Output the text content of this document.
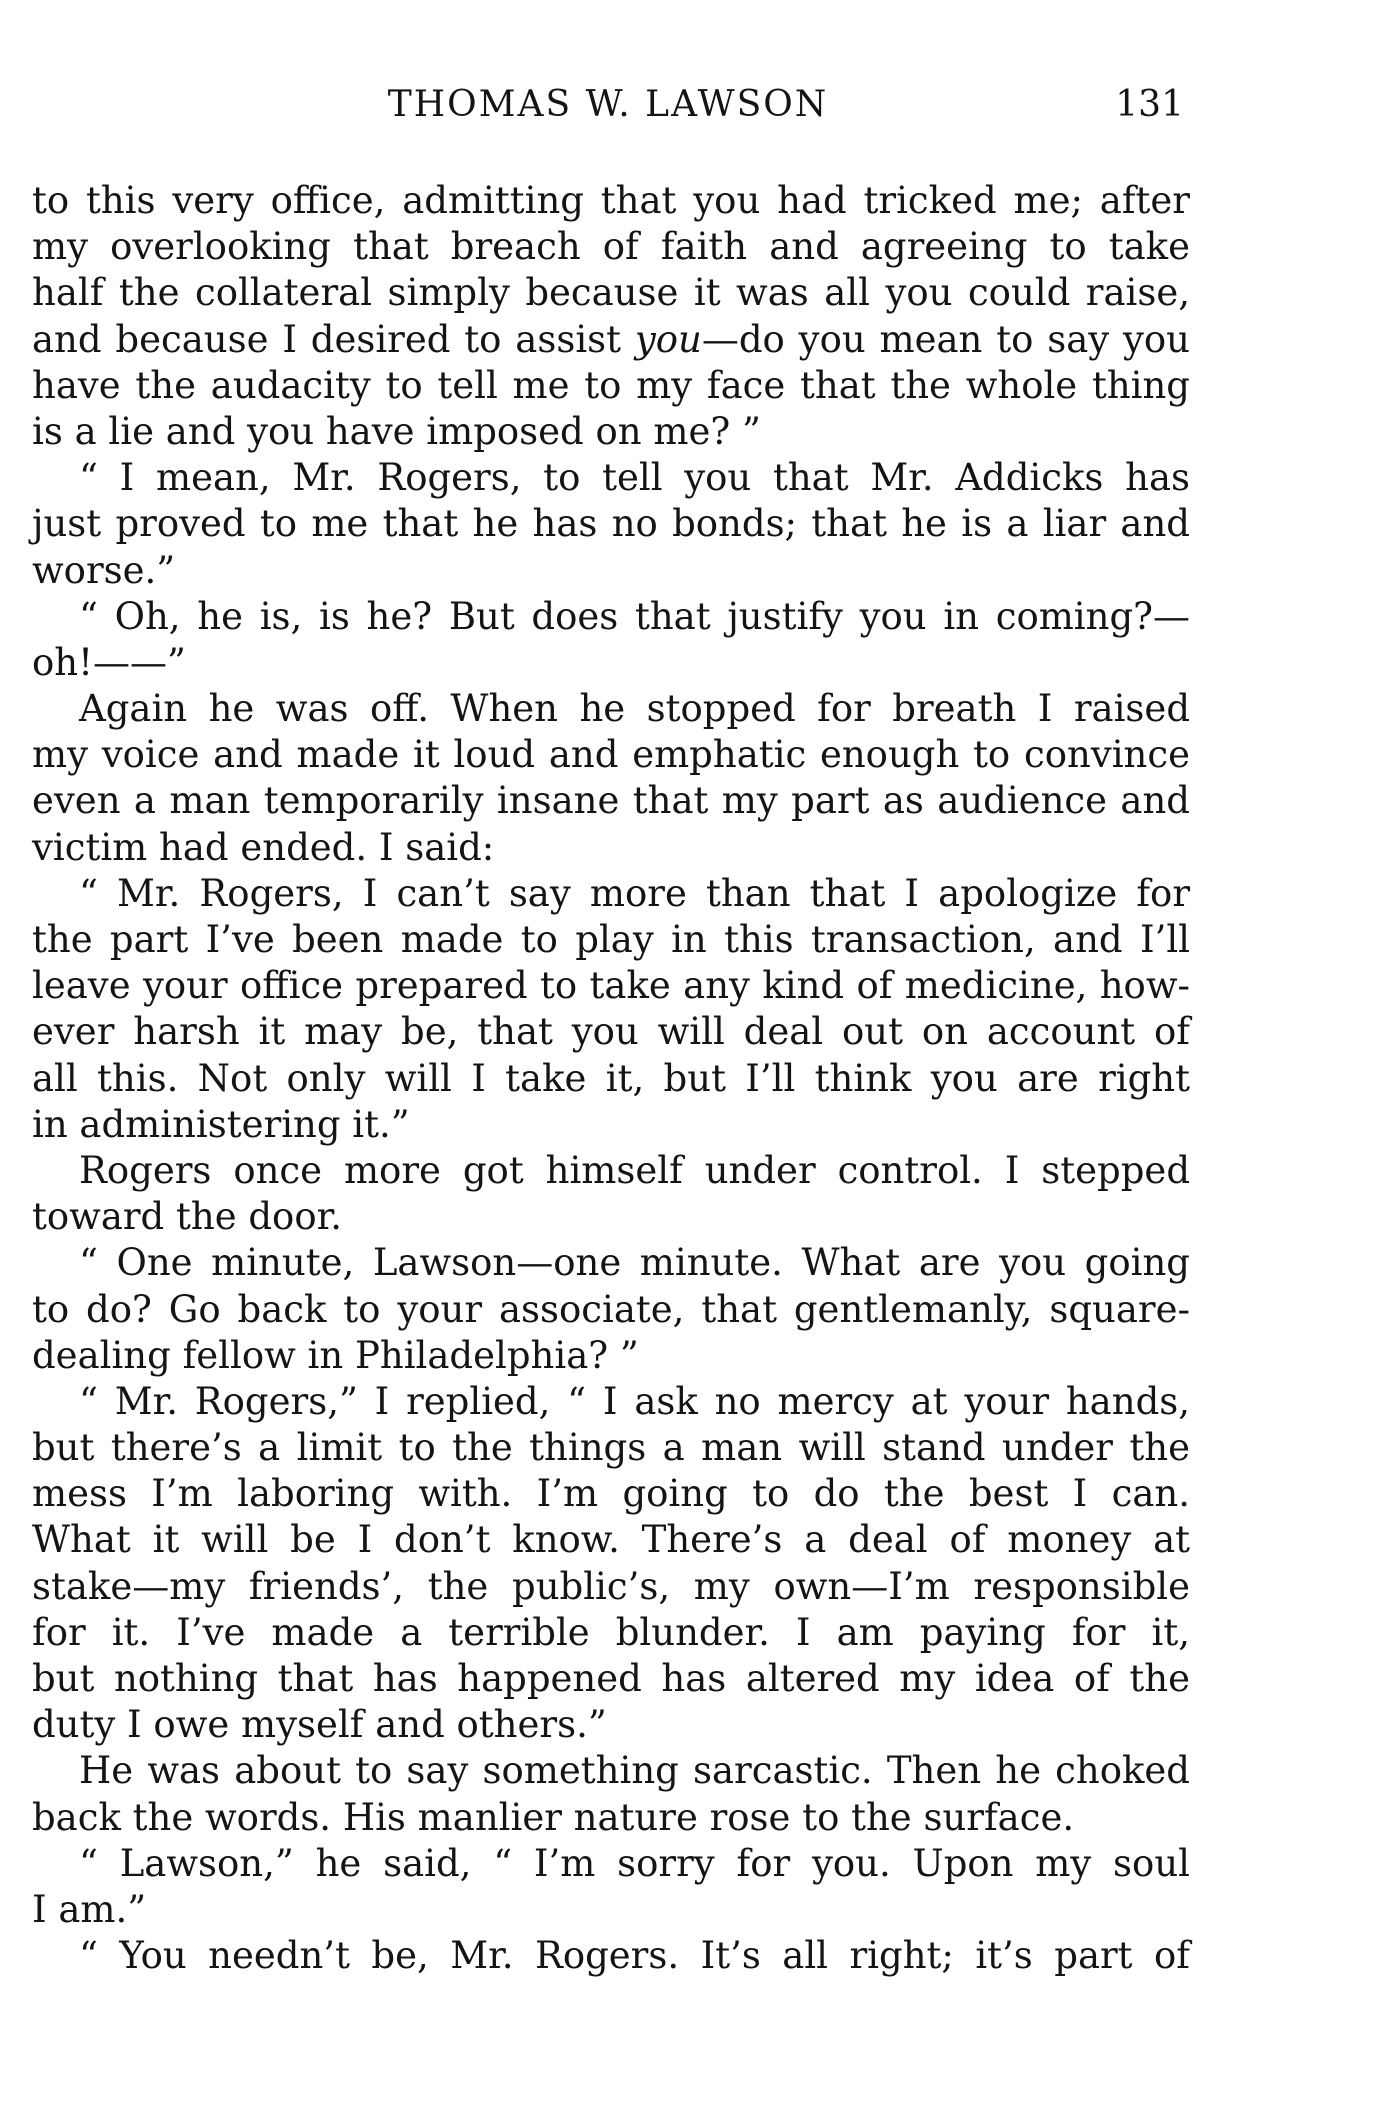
THOMAS W. LAWSON	131
to this very office, admitting that you had tricked me; after
my overlooking that breach of faith and agreeing to take
half the collateral simply because it was all you could raise,
and because I desired to assist you—do you mean to say you
have the audacity to tell me to my face that the whole thing
is a lie and you have imposed on me? ”
“ I mean, Mr. Rogers, to tell you that Mr. Addicks has
just proved to me that he has no bonds; that he is a liar and
worse.”
“ Oh, he is, is he? But does that justify you in coming?—
oh!——”
Again he was off. When he stopped for breath I raised
my voice and made it loud and emphatic enough to convince
even a man temporarily insane that my part as audience and
victim had ended. I said:
“ Mr. Rogers, I can’t say more than that I apologize for
the part I’ve been made to play in this transaction, and I’ll
leave your office prepared to take any kind of medicine, how-
ever harsh it may be, that you will deal out on account of
all this. Not only will I take it, but I’ll think you are right
in administering it.”
Rogers once more got himself under control. I stepped
toward the door.
“ One minute, Lawson—one minute. What are you going
to do? Go back to your associate, that gentlemanly, square-
dealing fellow in Philadelphia? ”
“ Mr. Rogers,” I replied, “ I ask no mercy at your hands,
but there’s a limit to the things a man will stand under the
mess I’m laboring with. I’m going to do the best I can.
What it will be I don’t know. There’s a deal of money at
stake—my friends’, the public’s, my own—I’m responsible
for it. I’ve made a terrible blunder. I am paying for it,
but nothing that has happened has altered my idea of the
duty I owe myself and others.”
He was about to say something sarcastic. Then he choked
back the words. His manlier nature rose to the surface.
“ Lawson,” he said, “ I’m sorry for you. Upon my soul
I am.”
“ You needn’t be, Mr. Rogers. It’s all right; it’s part of
